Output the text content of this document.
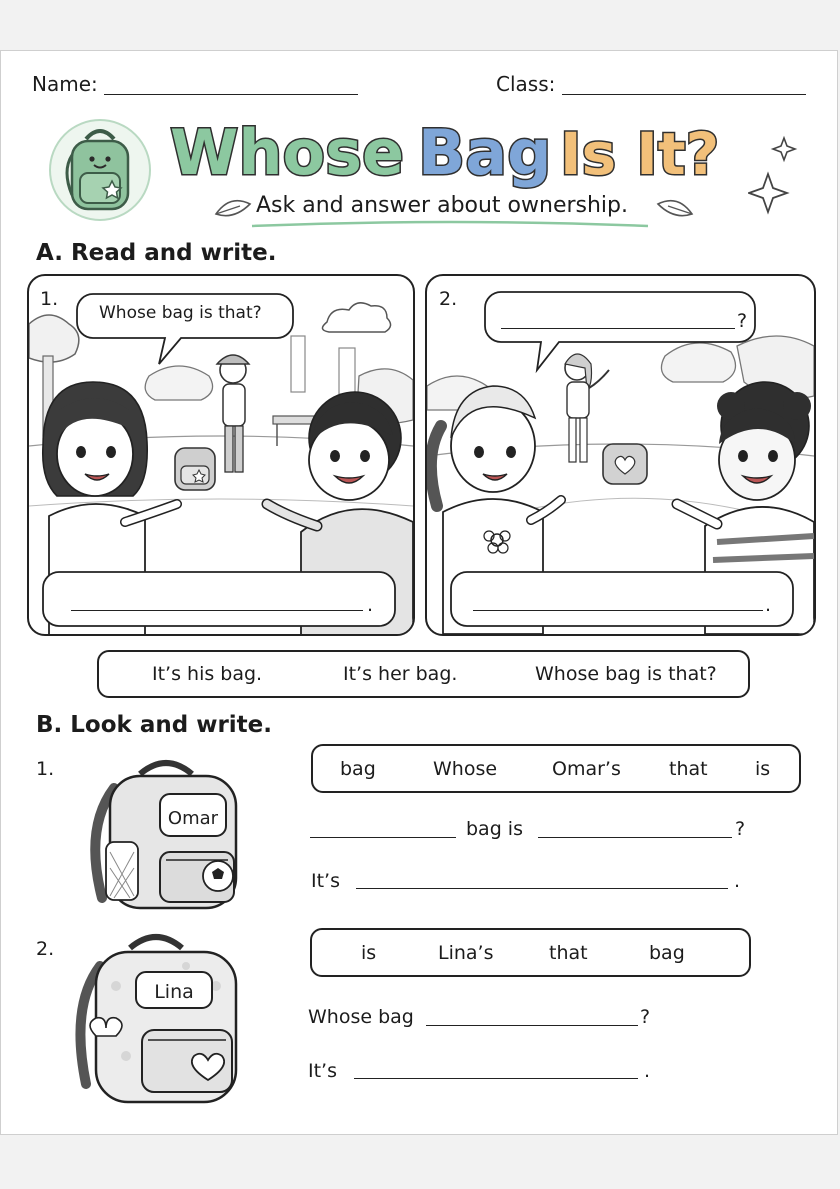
Name:	Class:
Whose Bag Is It?
Ask and answer about ownership.
A. Read and write.
1.
Whose bag is that?
.
2.
?
.
It’s his bag.	It’s her bag.	Whose bag is that?
B. Look and write.
1.
Omar
bag	Whose	Omar’s	that is
bag is	?
It’s	.
2.
Lina
is	Lina’s	that	bag
Whose bag	?
It’s	.
